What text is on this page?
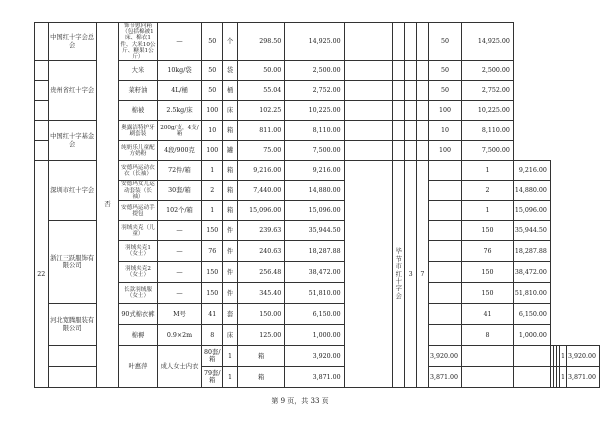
	中国红十字会总会	否	饰节慰问箱（包括棉被1床、棉衣1件、大米10公斤、糖果1公斤）	—	50	个	298.50	14,925.00					50	14,925.00						
	贵州省红十字会		大米	10kg/袋	50	袋	50.00	2,500.00					50	2,500.00						
			菜籽油	4L/桶	50	桶	55.04	2,752.00					50	2,752.00						
			棉被	2.5kg/床	100	床	102.25	10,225.00					100	10,225.00						
	中国红十字基金会		奥露洁特护牙刷套装	200g/支，4支/箱	10	箱	811.00	8,110.00					10	8,110.00						
			纯奶乐儿童配方奶粉	4段/900克	100	罐	75.00	7,500.00					100	7,500.00						
22	深圳市红十字会		安德玛运动衣衣（长袖）	72件/箱	1	箱	9,216.00	9,216.00		毕节市红十字会	3	7		1	9,216.00					
			安德玛女儿运动套装（长袖）	30套/箱	2	箱	7,440.00	14,880.00						2	14,880.00					
			安德玛运动手提包	102个/箱	1	箱	15,096.00	15,096.00						1	15,096.00					
	浙江三跃服饰有限公司		羽绒夹克（儿童）	—	150	件	239.63	35,944.50						150	35,944.50					
			羽绒夹克1（女士）	—	76	件	240.63	18,287.88						76	18,287.88					
			羽绒夹克2（女士）	—	150	件	256.48	38,472.00						150	38,472.00					
			长款羽绒服（女士）	—	150	件	345.40	51,810.00						150	51,810.00					
	河北宽腾服装有限公司		90式棉衣裤	M号	41	套	150.00	6,150.00						41	6,150.00					
			棉褥	0.9×2m	8	床	125.00	1,000.00						8	1,000.00					
			叶惠萍	成人女士内衣	80套/箱	1	箱	3,920.00					3,920.00						1	3,920.00
					79套/箱	1	箱	3,871.00					3,871.00						1	3,871.00
第 9 页，共 33 页
